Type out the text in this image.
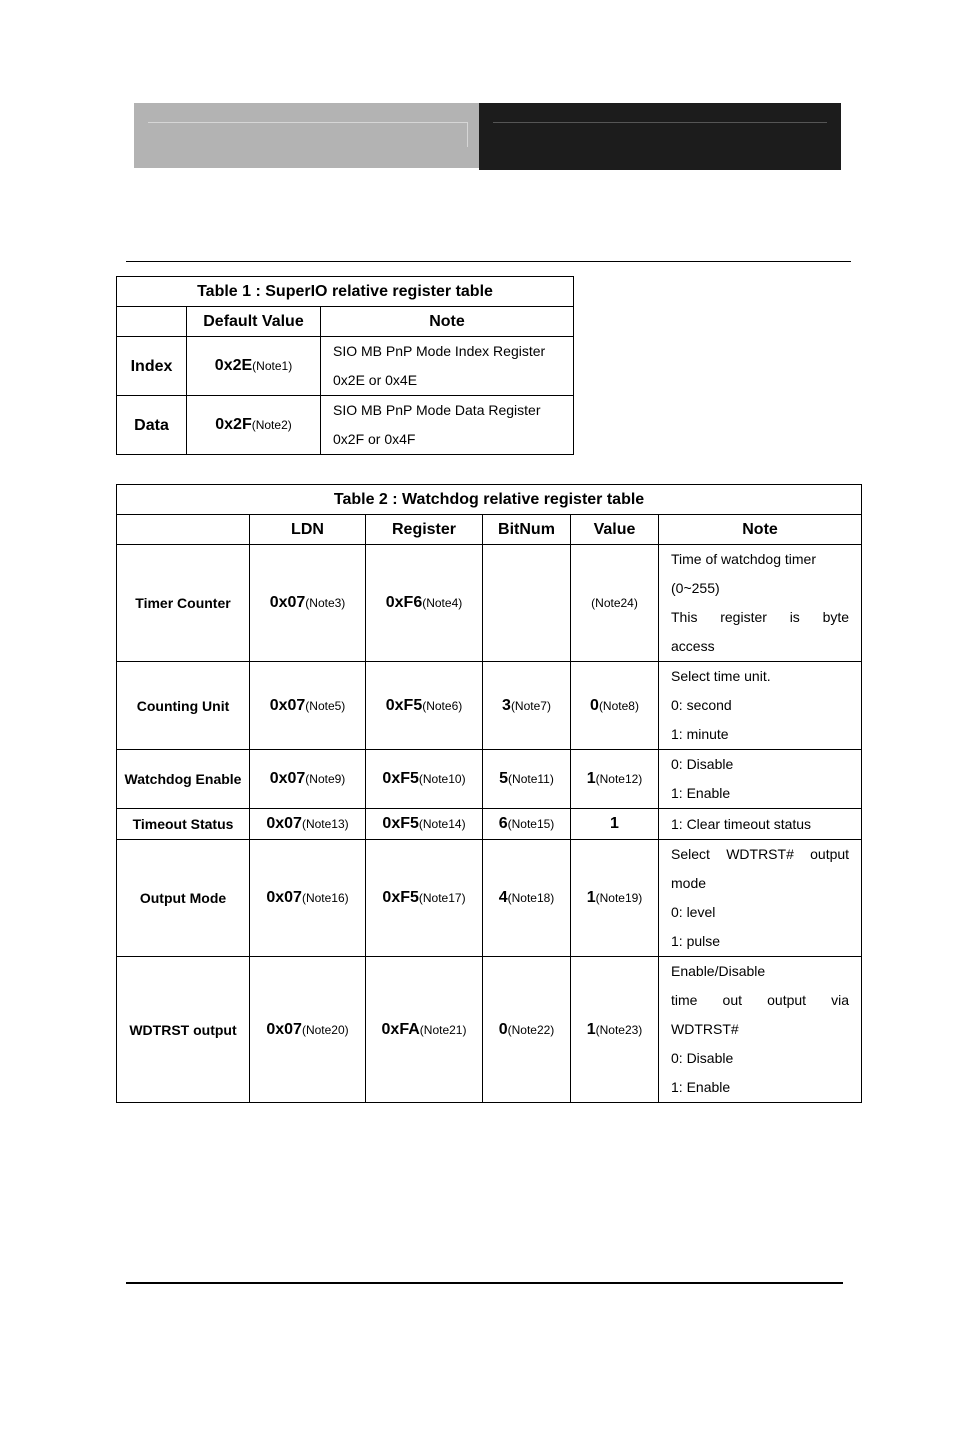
Table 1 : SuperIO relative register table		
	Default Value	Note
Index	0x2E(Note1)	SIO MB PnP Mode Index Register
0x2E or 0x4E

Data	0x2F(Note2)	SIO MB PnP Mode Data Register
0x2F or 0x4F
Table 2 : Watchdog relative register table					
	LDN	Register	BitNum	Value	Note
Timer Counter	0x07(Note3)	0xF6(Note4)		(Note24)	Time of watchdog timer
(0~255)
This register is byte
access

Counting Unit	0x07(Note5)	0xF5(Note6)	3(Note7)	0(Note8)	Select time unit.
0: second
1: minute

Watchdog Enable	0x07(Note9)	0xF5(Note10)	5(Note11)	1(Note12)	0: Disable
1: Enable

Timeout Status	0x07(Note13)	0xF5(Note14)	6(Note15)	1	1: Clear timeout status

Output Mode	0x07(Note16)	0xF5(Note17)	4(Note18)	1(Note19)	Select WDTRST# output
mode
0: level
1: pulse

WDTRST output	0x07(Note20)	0xFA(Note21)	0(Note22)	1(Note23)	Enable/Disable
time out output via
WDTRST#
0: Disable
1: Enable
